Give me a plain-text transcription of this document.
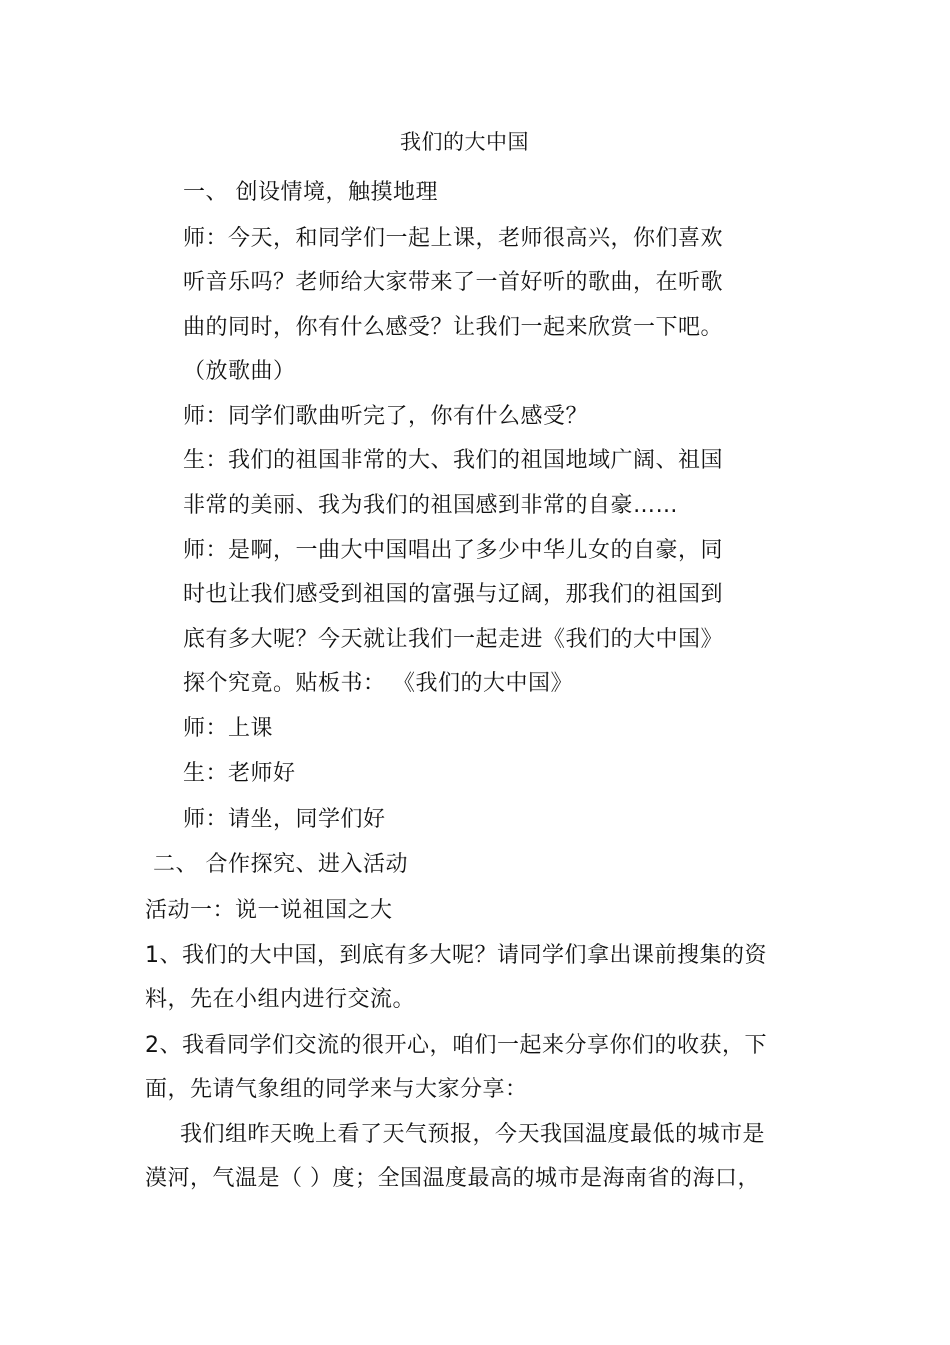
我们的大中国
一、 创设情境，触摸地理
师：今天，和同学们一起上课，老师很高兴，你们喜欢
听音乐吗？老师给大家带来了一首好听的歌曲，在听歌
曲的同时，你有什么感受？让我们一起来欣赏一下吧。
（放歌曲）
师：同学们歌曲听完了，你有什么感受？
生：我们的祖国非常的大、我们的祖国地域广阔、祖国
非常的美丽、我为我们的祖国感到非常的自豪……
师：是啊，一曲大中国唱出了多少中华儿女的自豪，同
时也让我们感受到祖国的富强与辽阔，那我们的祖国到
底有多大呢？今天就让我们一起走进《我们的大中国》
探个究竟。贴板书： 《我们的大中国》
师：上课
生：老师好
师：请坐，同学们好
二、 合作探究、进入活动
活动一：说一说祖国之大
1、我们的大中国，到底有多大呢？请同学们拿出课前搜集的资
料，先在小组内进行交流。
2、我看同学们交流的很开心，咱们一起来分享你们的收获，下
面，先请气象组的同学来与大家分享：
我们组昨天晚上看了天气预报，今天我国温度最低的城市是
漠河，气温是（ ）度；全国温度最高的城市是海南省的海口，
